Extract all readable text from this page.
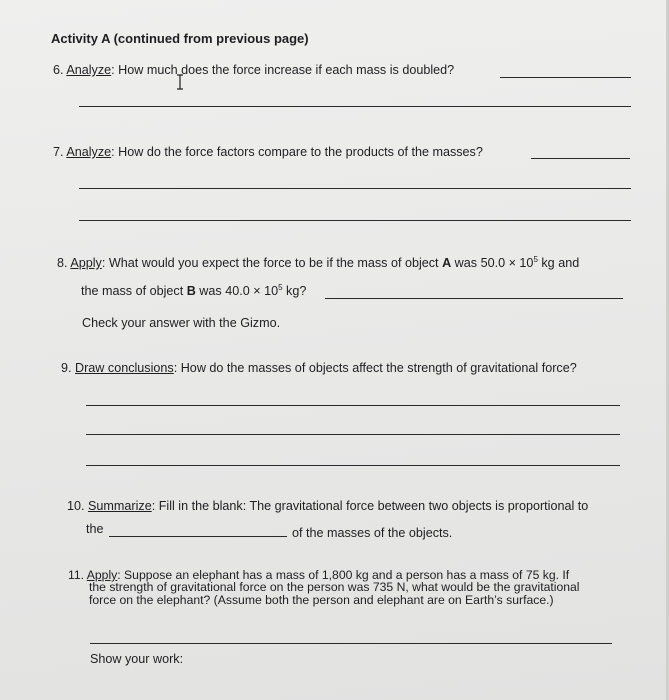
Activity A (continued from previous page)
6. Analyze: How much does the force increase if each mass is doubled?
7. Analyze: How do the force factors compare to the products of the masses?
8. Apply: What would you expect the force to be if the mass of object A was $50.0 \times 10^5$ kg and
the mass of object B was $40.0 \times 10^5$ kg?
Check your answer with the Gizmo.
9. Draw conclusions: How do the masses of objects affect the strength of gravitational force?
10. Summarize: Fill in the blank: The gravitational force between two objects is proportional to
the	of the masses of the objects.
11. Apply: Suppose an elephant has a mass of 1,800 kg and a person has a mass of 75 kg. If
the strength of gravitational force on the person was 735 N, what would be the gravitational
force on the elephant? (Assume both the person and elephant are on Earth’s surface.)
Show your work:
